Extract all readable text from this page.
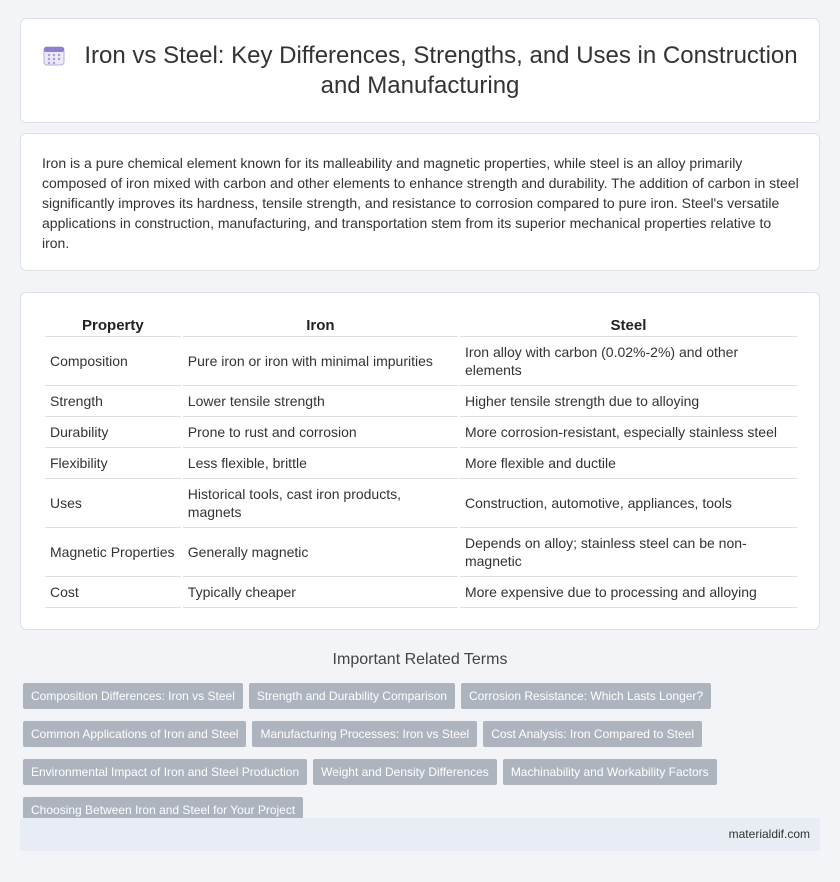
Iron vs Steel: Key Differences, Strengths, and Uses in Construction
and Manufacturing

Iron is a pure chemical element known for its malleability and magnetic properties, while steel is an alloy primarily composed of iron mixed with carbon and other elements to enhance strength and durability. The addition of carbon in steel significantly improves its hardness, tensile strength, and resistance to corrosion compared to pure iron. Steel's versatile applications in construction, manufacturing, and transportation stem from its superior mechanical properties relative to iron.

Property	Iron	Steel
Composition	Pure iron or iron with minimal impurities	Iron alloy with carbon (0.02%-2%) and other elements
Strength	Lower tensile strength	Higher tensile strength due to alloying
Durability	Prone to rust and corrosion	More corrosion-resistant, especially stainless steel
Flexibility	Less flexible, brittle	More flexible and ductile
Uses	Historical tools, cast iron products, magnets	Construction, automotive, appliances, tools
Magnetic Properties	Generally magnetic	Depends on alloy; stainless steel can be non-magnetic
Cost	Typically cheaper	More expensive due to processing and alloying
Important Related Terms
Composition Differences: Iron vs Steel	Strength and Durability Comparison	Corrosion Resistance: Which Lasts Longer?
Common Applications of Iron and Steel	Manufacturing Processes: Iron vs Steel	Cost Analysis: Iron Compared to Steel
Environmental Impact of Iron and Steel Production	Weight and Density Differences	Machinability and Workability Factors
Choosing Between Iron and Steel for Your Project
materialdif.com
